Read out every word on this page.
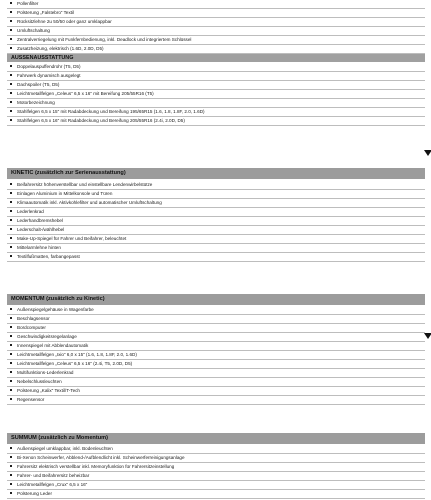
Pollenfilter
Polsterung „Falstebro“ Textil
Rücksitzlehne 2u 50/50 oder ganz umklappbar
Umluftschaltung
Zentralverriegelung mit Funkfernbedienung, inkl. Deadlock und integriertem Schlüssel
Zusatzheizung, elektrisch (1.6D, 2.0D, D5)
AUSSENAUSSTATTUNG
Doppelauspuffendrohr (T5, D5)
Fahrwerk dynamisch ausgelegt
Dachspoiler (T5, D5)
Leichtmetallfelgen „Celeus“ 6,5 x 16" mit Bereifung 205/55R16 (T5)
Motorbezeichnung
Stahlfelgen 6,5 x 15" mit Radabdeckung und Bereifung 195/65R15 (1.6, 1.8, 1.8F, 2.0, 1.6D)
Stahlfelgen 6,5 x 16" mit Radabdeckung und Bereifung 205/55R16 (2.4i, 2.0D, D5)
KINETIC (zusätzlich zur Serienausstattung)
Beifahrersitz höhenverstellbar und einstellbare Lendenwirbelstütze
Einlagen Aluminium in Mittelkonsole und Türen
Klimaautomatik inkl. Aktivkohlefilter und automatischer Umluftschaltung
Lederlenkrad
Lederhandbremshebel
Lederschalt-/wählhebel
Make-Up-Spiegel für Fahrer und Beifahrer, beleuchtet
Mittelarmlehne hinten
Textilfußmatten, farbangepasst
MOMENTUM (zusätzlich zu Kinetic)
Außenspiegelgehäuse in Wagenfarbe
Beschlagsensor
Bordcomputer
Geschwindigkeitsregelanlage
Innenspiegel mit Abblendautomatik
Leichtmetallfelgen „Ixio“ 6,0 x 15" (1.6, 1.8, 1.8F, 2.0, 1.6D)
Leichtmetallfelgen „Celeus“ 6,5 x 16" (2.4i, T5, 2.0D, D5)
Multifunktions-Lederlenkrad
Nebelschlussleuchten
Polsterung „Kalix“ Textil/T-Tech
Regensensor
SUMMUM (zusätzlich zu Momentum)
Außenspiegel umklappbar, inkl. Bodenleuchten
Bi-Xenon Scheinwerfer, Abblend-/Aufblendlicht inkl. Scheinwerferreinigungsanlage
Fahrersitz elektrisch verstellbar inkl. Memoryfunktion für Fahrersitzeinstellung
Fahrer- und Beifahrersitz beheizbar
Leichtmetallfelgen „Crux“ 6,5 x 16"
Polsterung Leder
